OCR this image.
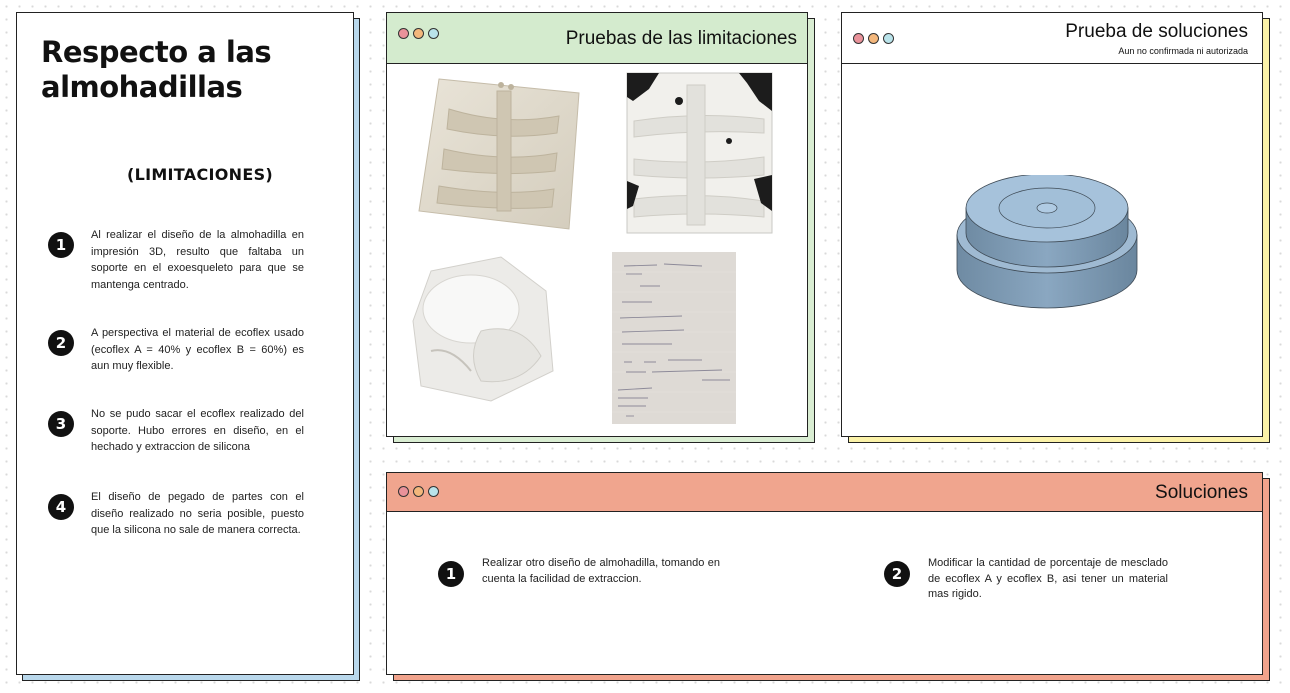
Respecto a las almohadillas
(LIMITACIONES)
1
Al realizar el diseño de la almohadilla en impresión 3D, resulto que faltaba un soporte en el exoesqueleto para que se mantenga centrado.
2
A perspectiva el material de ecoflex usado (ecoflex A = 40% y ecoflex B = 60%) es aun muy flexible.
3
No se pudo sacar el ecoflex realizado del soporte. Hubo errores en diseño, en el hechado y extraccion de silicona
4
El diseño de pegado de partes con el diseño realizado no seria posible, puesto que la silicona no sale de manera correcta.
Pruebas de las limitaciones	Prueba de soluciones
Aun no confirmada ni autorizada
Soluciones
1
Realizar otro diseño de almohadilla, tomando en cuenta la facilidad de extraccion.	2
Modificar la cantidad de porcentaje de mesclado de ecoflex A y ecoflex B, asi tener un material mas rigido.
